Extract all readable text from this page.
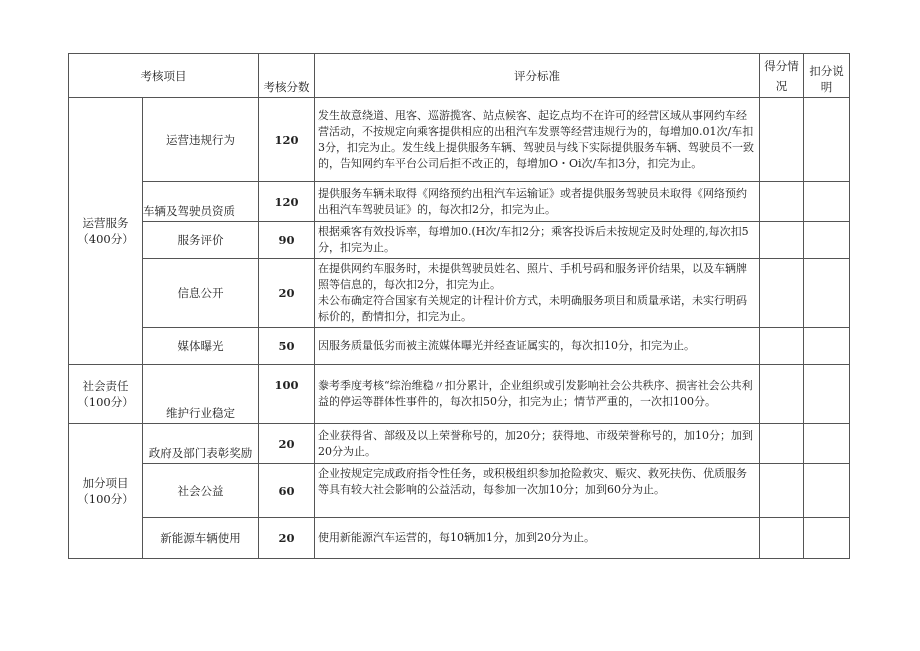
考核项目		考核分数	评分标准	得分情况	扣分说明

运营服务
（400分）	运营违规行为	120	发生故意绕道、甩客、巡游揽客、站点候客、起讫点均不在许可的经营区域从事网约车经营活动，不按规定向乘客提供相应的出租汽车发票等经营违规行为的，每增加0.01次/车扣3分，扣完为止。发生线上提供服务车辆、驾驶员与线下实际提供服务车辆、驾驶员不一致的，告知网约车平台公司后拒不改正的，每增加O・Oi次/车扣3分，扣完为止。		
	车辆及驾驶员资质	120	提供服务车辆未取得《网络预约出租汽车运输证》或者提供服务驾驶员未取得《网络预约出租汽车驾驶员证》的，每次扣2分，扣完为止。		
	服务评价	90	根据乘客有效投诉率，每增加0.(H次/车扣2分；乘客投诉后未按规定及时处理的,每次扣5分，扣完为止。		
	信息公开	20	在提供网约车服务时，未提供驾驶员姓名、照片、手机号码和服务评价结果，以及车辆牌照等信息的，每次扣2分，扣完为止。
未公布确定符合国家有关规定的计程计价方式，未明确服务项目和质量承诺，未实行明码标价的，酌情扣分，扣完为止。		

	媒体曝光	50	因服务质量低劣而被主流媒体曝光并经查证属实的，每次扣10分，扣完为止。		

社会责任
（100分）	维护行业稳定	100	豢考季度考核“综治维稳〃扣分累计，企业组织或引发影响社会公共秩序、损害社会公共利益的停运等群体性事件的，每次扣50分，扣完为止；情节严重的，一次扣100分。		

加分项目
（100分）	政府及部门表彰奖励	20	企业获得省、部级及以上荣誉称号的，加20分；获得地、市级荣誉称号的，加10分；加到20分为止。		
	社会公益	60	企业按规定完成政府指令性任务，或积极组织参加抢险救灾、赈灾、救死扶伤、优质服务等具有较大社会影响的公益活动，每参加一次加10分；加到60分为止。		
	新能源车辆使用	20	使用新能源汽车运营的，每10辆加1分，加到20分为止。		
